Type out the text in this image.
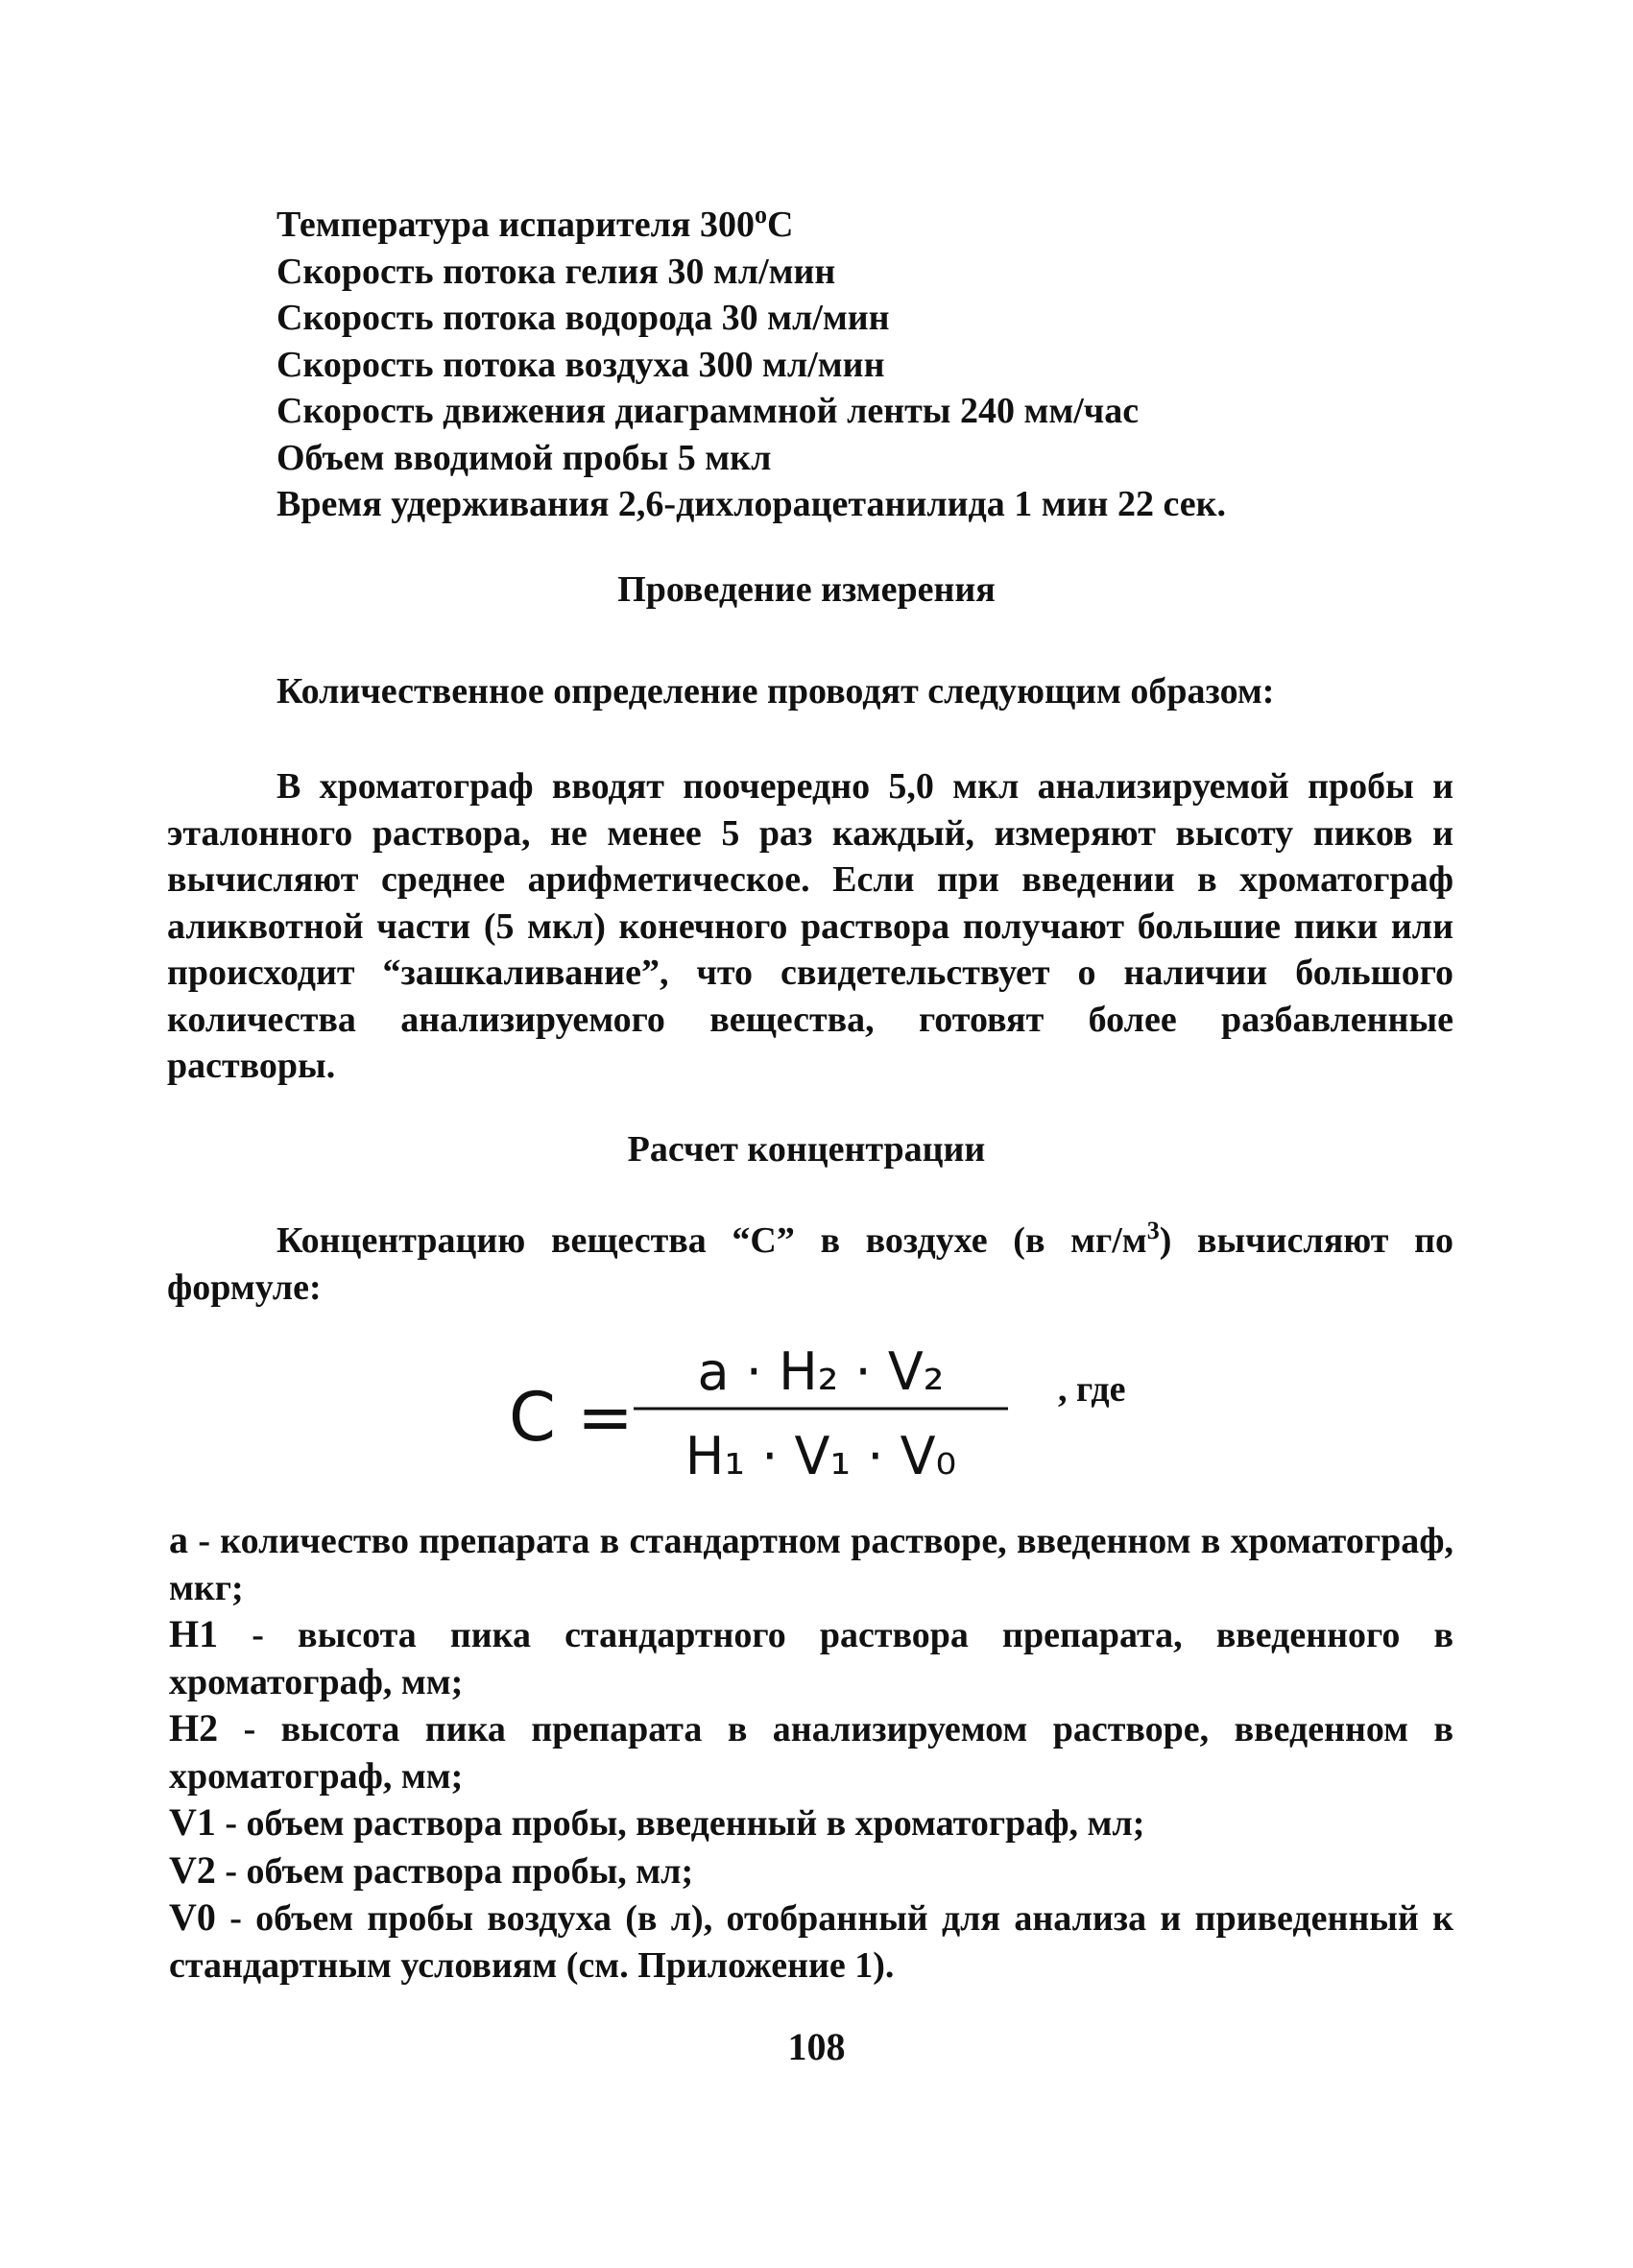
Температура испарителя 300$^o$С
Скорость потока гелия 30 мл/мин
Скорость потока водорода 30 мл/мин
Скорость потока воздуха 300 мл/мин
Скорость движения диаграммной ленты 240 мм/час
Объем вводимой пробы 5 мкл
Время удерживания 2,6-дихлорацетанилида 1 мин 22 сек.
Проведение измерения
Количественное определение проводят следующим образом:
В хроматограф вводят поочередно 5,0 мкл анализируемой пробы и эталонного раствора, не менее 5 раз каждый, измеряют высоту пиков и вычисляют среднее арифметическое. Если при введении в хроматограф аликвотной части (5 мкл) конечного раствора получают большие пики или происходит “зашкаливание”, что свидетельствует о наличии большого количества анализируемого вещества, готовят более разбавленные растворы.
Расчет концентрации
Концентрацию вещества “С” в воздухе (в $мг/м^3$) вычисляют по формуле:
C =
a · H₂ · V₂
H₁ · V₁ · V₀
, где
а - количество препарата в стандартном растворе, введенном в хроматограф, мкг;
Н1 - высота пика стандартного раствора препарата, введенного в хроматограф, мм;
Н2 - высота пика препарата в анализируемом растворе, введенном в хроматограф, мм;
V1 - объем раствора пробы, введенный в хроматограф, мл;
V2 - объем раствора пробы, мл;
V0 - объем пробы воздуха (в л), отобранный для анализа и приведенный к стандартным условиям (см. Приложение 1).
108
